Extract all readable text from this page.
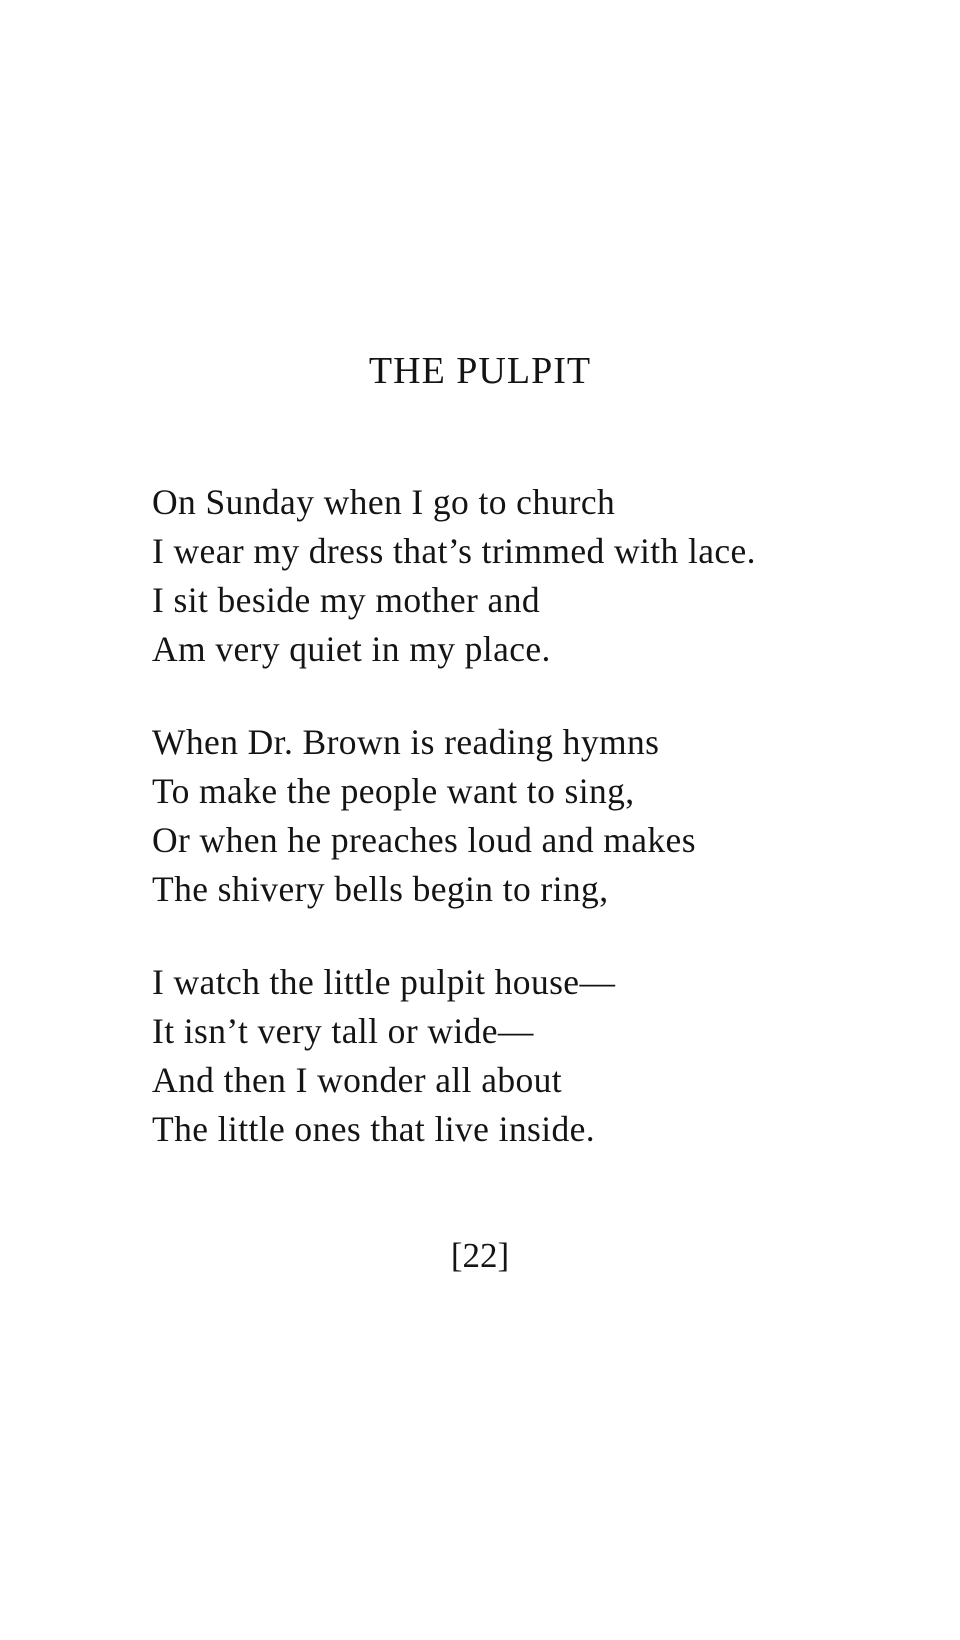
THE PULPIT
On Sunday when I go to church
I wear my dress that’s trimmed with lace.
I sit beside my mother and
Am very quiet in my place.
When Dr. Brown is reading hymns
To make the people want to sing,
Or when he preaches loud and makes
The shivery bells begin to ring,
I watch the little pulpit house—
It isn’t very tall or wide—
And then I wonder all about
The little ones that live inside.
[22]
